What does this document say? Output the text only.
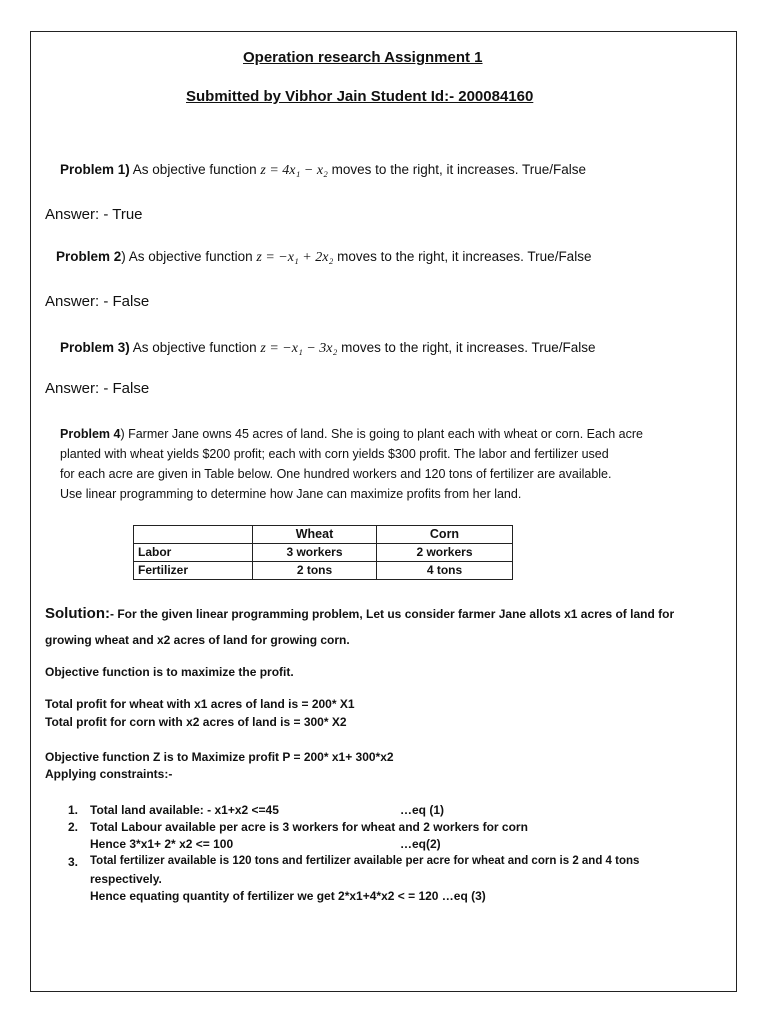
Operation research Assignment 1
Submitted by Vibhor Jain Student Id:- 200084160
Problem 1) As objective function z = 4x₁ − x₂ moves to the right, it increases. True/False
Answer: - True
Problem 2) As objective function z = −x₁ + 2x₂ moves to the right, it increases. True/False
Answer: - False
Problem 3) As objective function z = −x₁ − 3x₂ moves to the right, it increases. True/False
Answer: - False
Problem 4) Farmer Jane owns 45 acres of land. She is going to plant each with wheat or corn. Each acre
planted with wheat yields $200 profit; each with corn yields $300 profit. The labor and fertilizer used
for each acre are given in Table below. One hundred workers and 120 tons of fertilizer are available.
Use linear programming to determine how Jane can maximize profits from her land.
	Wheat	Corn
Labor	3 workers	2 workers
Fertilizer	2 tons	4 tons
Solution:- For the given linear programming problem, Let us consider farmer Jane allots x1 acres of land for
growing wheat and x2 acres of land for growing corn.
Objective function is to maximize the profit.
Total profit for wheat with x1 acres of land is = 200* X1
Total profit for corn with x2 acres of land is = 300* X2
Objective function Z is to Maximize profit P = 200* x1+ 300*x2
Applying constraints:-
1. Total land available: - x1+x2 <=45	…eq (1)
2. Total Labour available per acre is 3 workers for wheat and 2 workers for corn
Hence 3*x1+ 2* x2 <= 100	…eq(2)
3. Total fertilizer available is 120 tons and fertilizer available per acre for wheat and corn is 2 and 4 tons
respectively.
Hence equating quantity of fertilizer we get 2*x1+4*x2 < = 120 …eq (3)
